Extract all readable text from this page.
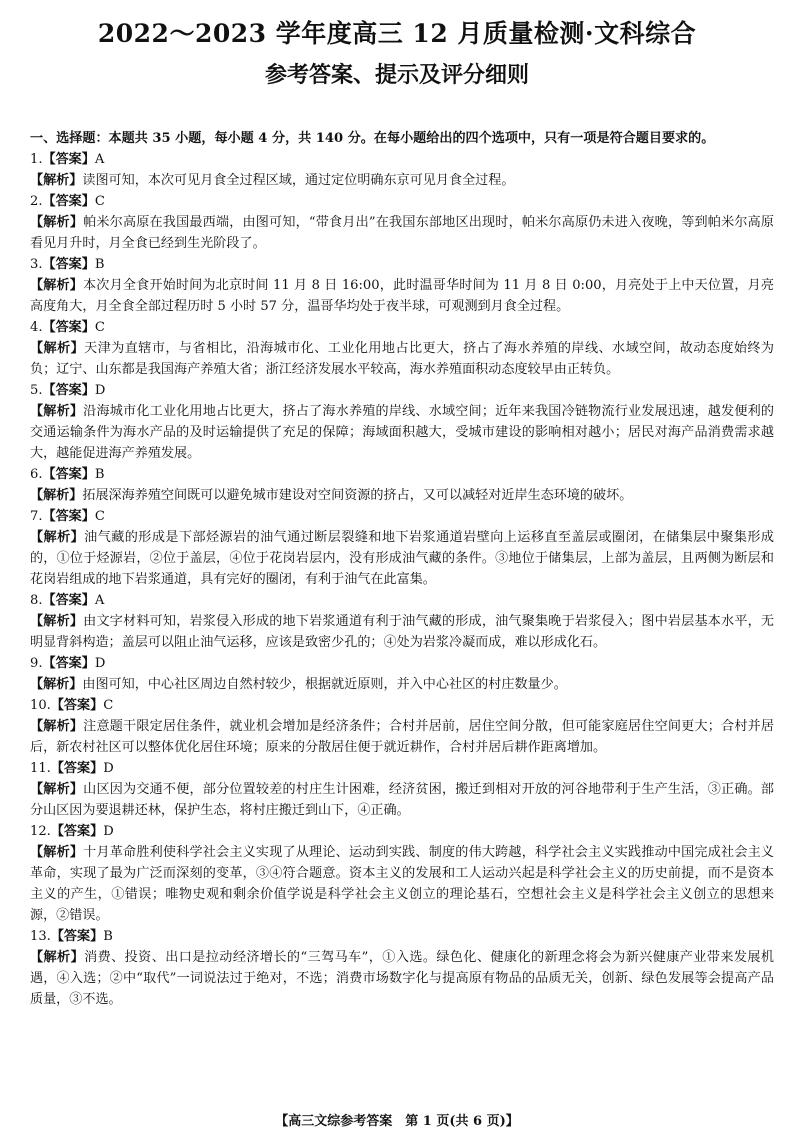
2022～2023 学年度高三 12 月质量检测·文科综合
参考答案、提示及评分细则

一、选择题：本题共 35 小题，每小题 4 分，共 140 分。在每小题给出的四个选项中，只有一项是符合题目要求的。

1.【答案】A
【解析】读图可知，本次可见月食全过程区域，通过定位明确东京可见月食全过程。
2.【答案】C
【解析】帕米尔高原在我国最西端，由图可知，“带食月出”在我国东部地区出现时，帕米尔高原仍未进入夜晚，等到帕米尔高原看见月升时，月全食已经到生光阶段了。
3.【答案】B
【解析】本次月全食开始时间为北京时间 11 月 8 日 16:00，此时温哥华时间为 11 月 8 日 0:00，月亮处于上中天位置，月亮高度角大，月全食全部过程历时 5 小时 57 分，温哥华均处于夜半球，可观测到月食全过程。
4.【答案】C
【解析】天津为直辖市，与省相比，沿海城市化、工业化用地占比更大，挤占了海水养殖的岸线、水域空间，故动态度始终为负；辽宁、山东都是我国海产养殖大省；浙江经济发展水平较高，海水养殖面积动态度较早由正转负。
5.【答案】D
【解析】沿海城市化工业化用地占比更大，挤占了海水养殖的岸线、水域空间；近年来我国冷链物流行业发展迅速，越发便利的交通运输条件为海水产品的及时运输提供了充足的保障；海域面积越大，受城市建设的影响相对越小；居民对海产品消费需求越大，越能促进海产养殖发展。
6.【答案】B
【解析】拓展深海养殖空间既可以避免城市建设对空间资源的挤占，又可以减轻对近岸生态环境的破坏。
7.【答案】C
【解析】油气藏的形成是下部烃源岩的油气通过断层裂缝和地下岩浆通道岩壁向上运移直至盖层或圈闭，在储集层中聚集形成的，①位于烃源岩，②位于盖层，④位于花岗岩层内，没有形成油气藏的条件。③地位于储集层，上部为盖层，且两侧为断层和花岗岩组成的地下岩浆通道，具有完好的圈闭，有利于油气在此富集。
8.【答案】A
【解析】由文字材料可知，岩浆侵入形成的地下岩浆通道有利于油气藏的形成，油气聚集晚于岩浆侵入；图中岩层基本水平，无明显背斜构造；盖层可以阻止油气运移，应该是致密少孔的；④处为岩浆冷凝而成，难以形成化石。
9.【答案】D
【解析】由图可知，中心社区周边自然村较少，根据就近原则，并入中心社区的村庄数量少。
10.【答案】C
【解析】注意题干限定居住条件，就业机会增加是经济条件；合村并居前，居住空间分散，但可能家庭居住空间更大；合村并居后，新农村社区可以整体优化居住环境；原来的分散居住便于就近耕作，合村并居后耕作距离增加。
11.【答案】D
【解析】山区因为交通不便，部分位置较差的村庄生计困难，经济贫困，搬迁到相对开放的河谷地带利于生产生活，③正确。部分山区因为要退耕还林，保护生态，将村庄搬迁到山下，④正确。
12.【答案】D
【解析】十月革命胜利使科学社会主义实现了从理论、运动到实践、制度的伟大跨越，科学社会主义实践推动中国完成社会主义革命，实现了最为广泛而深刻的变革，③④符合题意。资本主义的发展和工人运动兴起是科学社会主义的历史前提，而不是资本主义的产生，①错误；唯物史观和剩余价值学说是科学社会主义创立的理论基石，空想社会主义是科学社会主义创立的思想来源，②错误。
13.【答案】B
【解析】消费、投资、出口是拉动经济增长的“三驾马车”，①入选。绿色化、健康化的新理念将会为新兴健康产业带来发展机遇，④入选；②中“取代”一词说法过于绝对，不选；消费市场数字化与提高原有物品的品质无关，创新、绿色发展等会提高产品质量，③不选。
【高三文综参考答案　第 1 页(共 6 页)】
